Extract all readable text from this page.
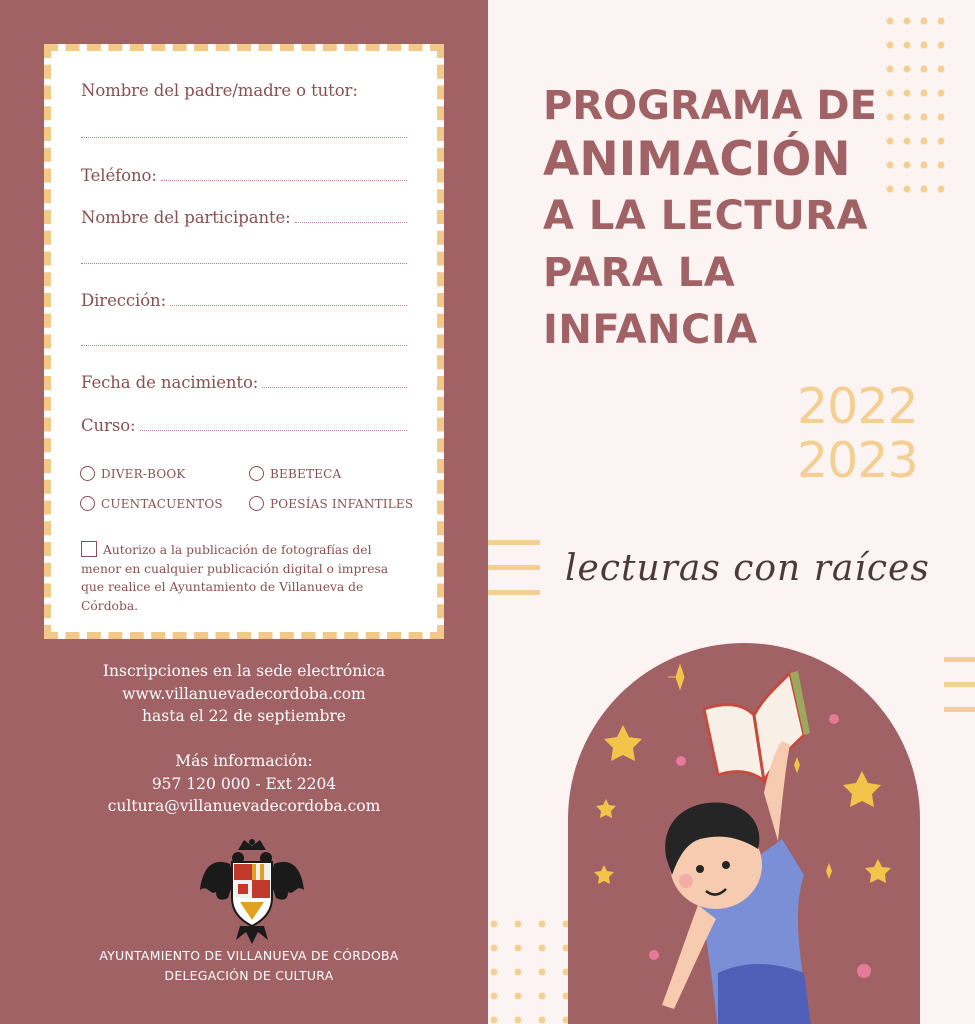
Nombre del padre/madre o tutor:
Teléfono:
Nombre del participante:
Dirección:
Fecha de nacimiento:
Curso:
DIVER-BOOK	BEBETECA
CUENTACUENTOS	POESÍAS INFANTILES
Autorizo a la publicación de fotografías del menor en cualquier publicación digital o impresa que realice el Ayuntamiento de Villanueva de Córdoba.
Inscripciones en la sede electrónica
www.villanuevadecordoba.com
hasta el 22 de septiembre
Más información:
957 120 000 - Ext 2204
cultura@villanuevadecordoba.com
AYUNTAMIENTO DE VILLANUEVA DE CÓRDOBA
DELEGACIÓN DE CULTURA
PROGRAMA DE
ANIMACIÓN
A LA LECTURA
PARA LA
INFANCIA
2022
2023
lecturas con raíces
